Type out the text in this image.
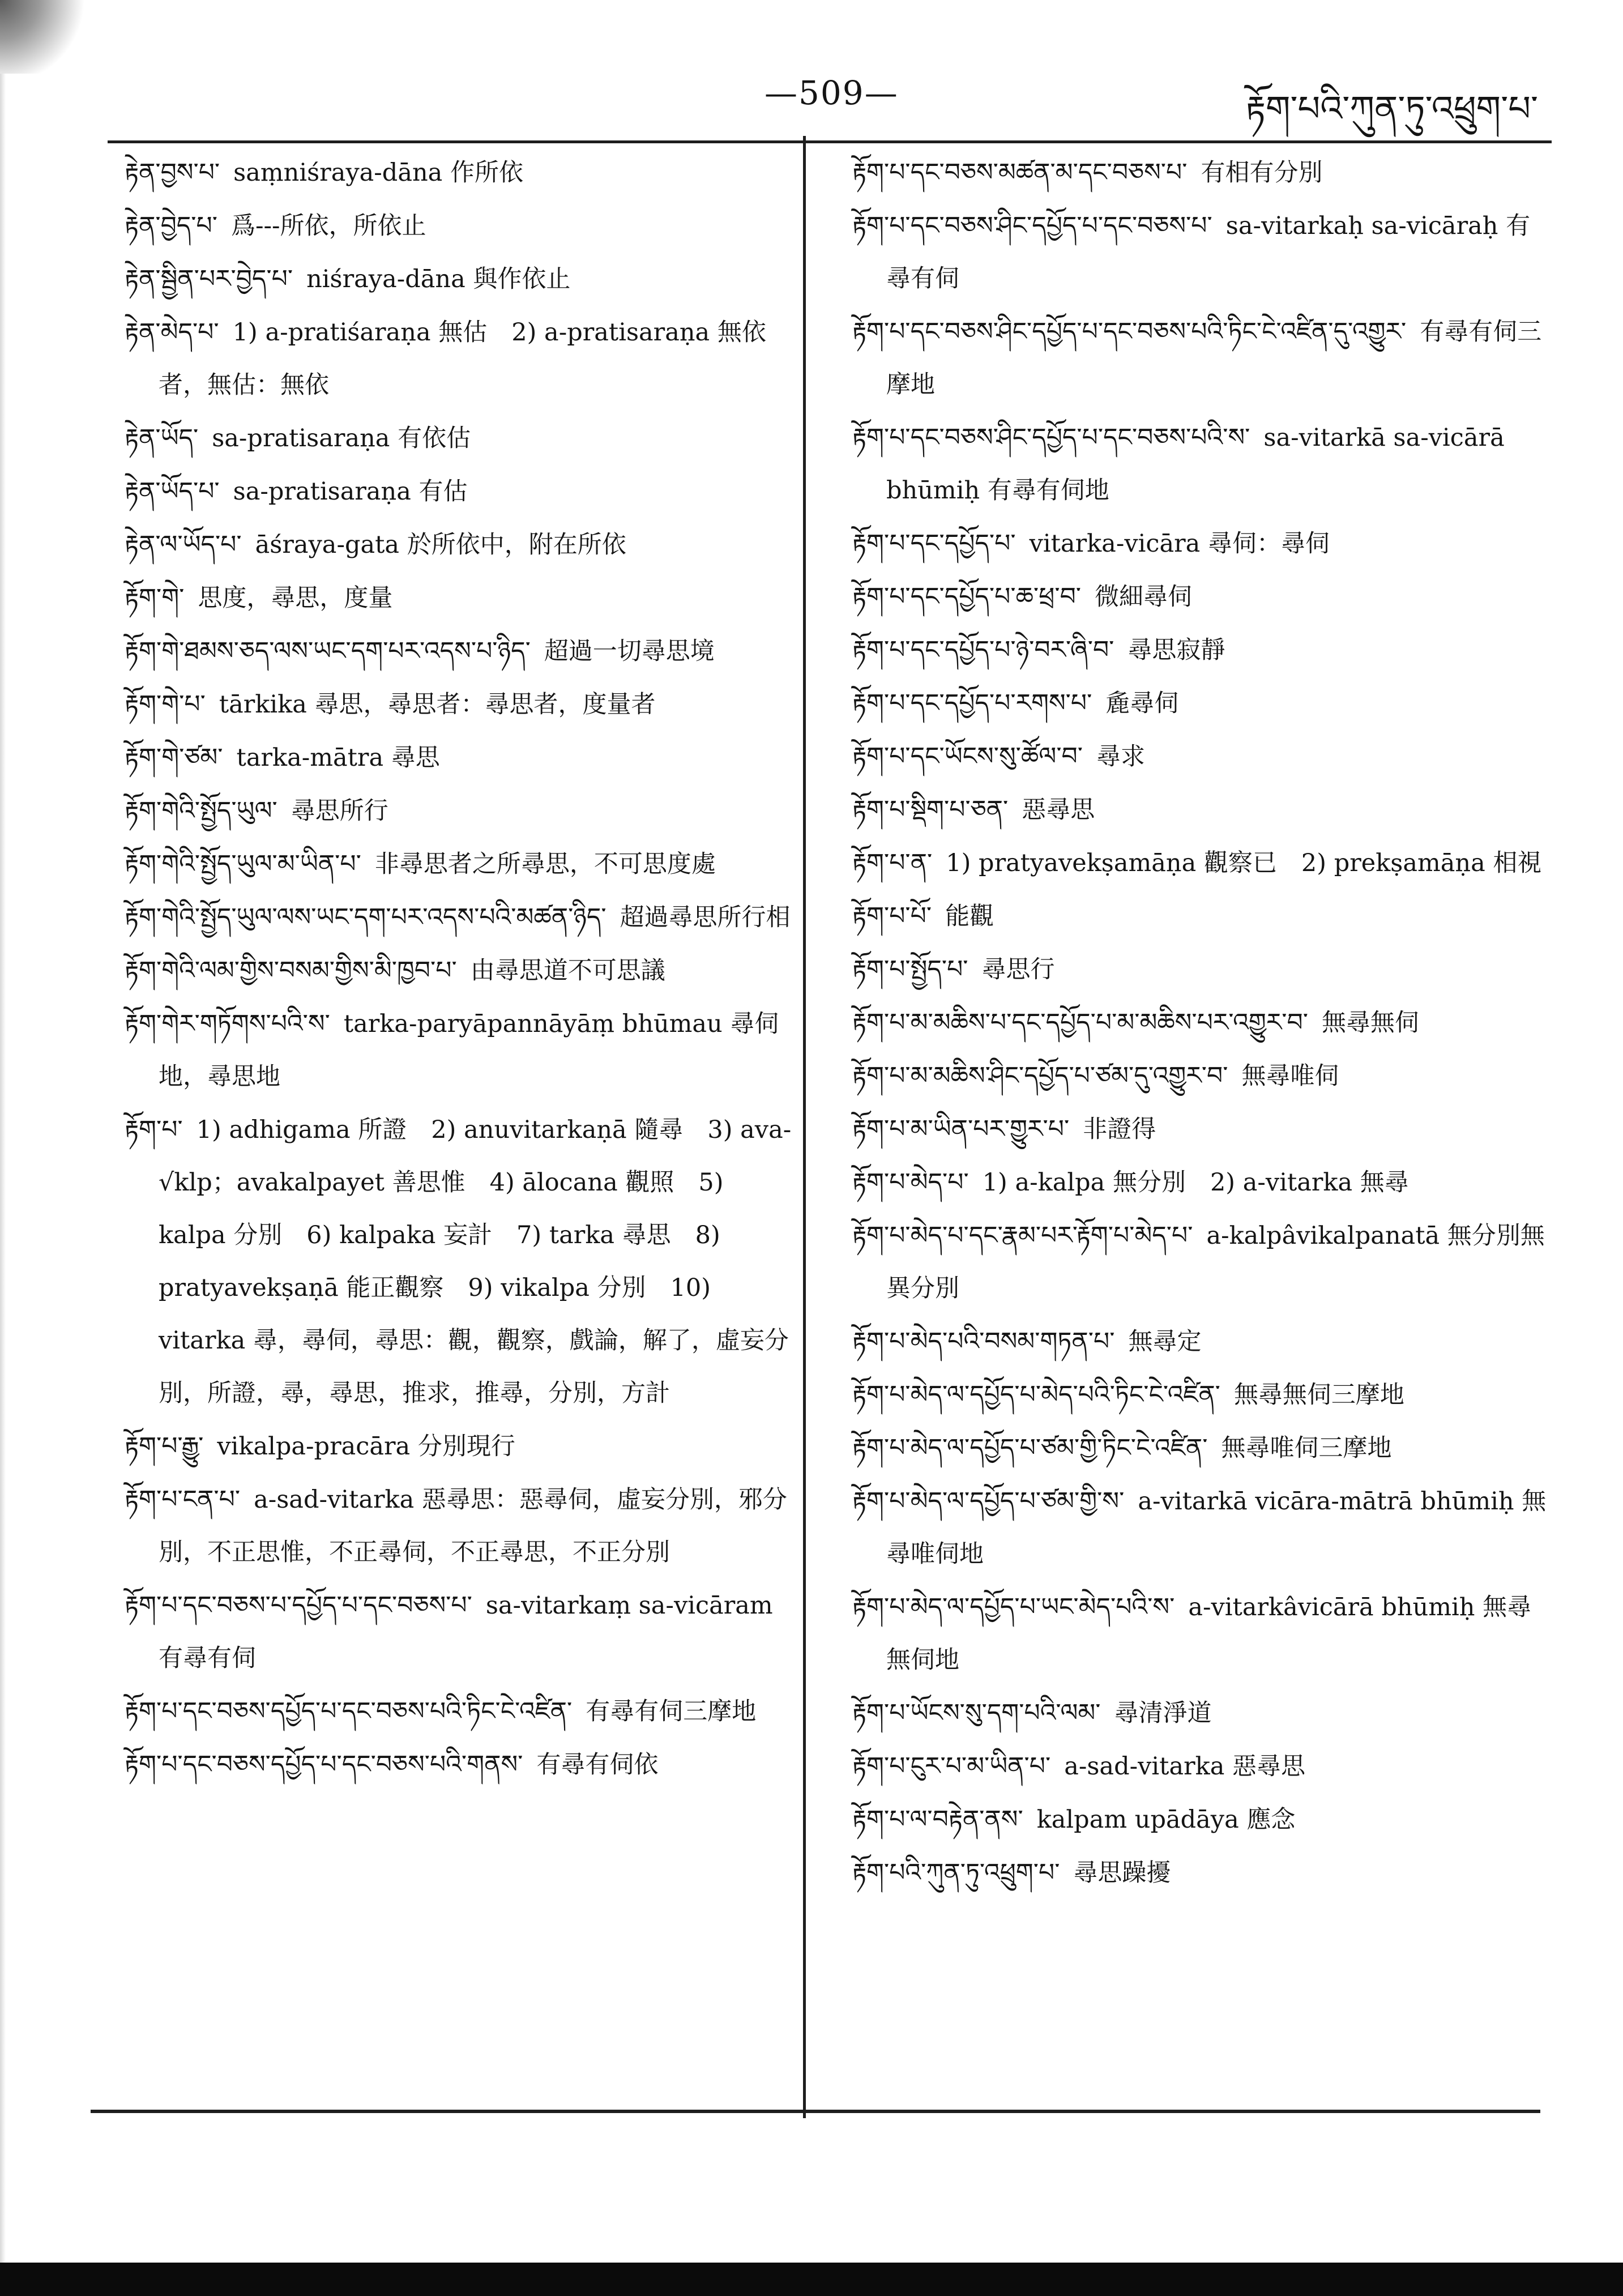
—509—	རྟོག་པའི་ཀུན་ཏུ་འཕྲུག་པ་
རྟེན་བྱས་པ་ saṃniśraya-dāna 作所依
རྟེན་བྱེད་པ་ 爲---所依，所依止
རྟེན་སྦྱིན་པར་བྱེད་པ་ niśraya-dāna 與作依止
རྟེན་མེད་པ་ 1) a-pratiśaraṇa 無估　2) a-pratisaraṇa 無依者，無估：無依
རྟེན་ཡོད་ sa-pratisaraṇa 有依估
རྟེན་ཡོད་པ་ sa-pratisaraṇa 有估
རྟེན་ལ་ཡོད་པ་ āśraya-gata 於所依中，附在所依
རྟོག་གེ་ 思度，尋思，度量
རྟོག་གེ་ཐམས་ཅད་ལས་ཡང་དག་པར་འདས་པ་ཉིད་ 超過一切尋思境
རྟོག་གེ་པ་ tārkika 尋思，尋思者：尋思者，度量者
རྟོག་གེ་ཙམ་ tarka-mātra 尋思
རྟོག་གེའི་སྤྱོད་ཡུལ་ 尋思所行
རྟོག་གེའི་སྤྱོད་ཡུལ་མ་ཡིན་པ་ 非尋思者之所尋思，不可思度處
རྟོག་གེའི་སྤྱོད་ཡུལ་ལས་ཡང་དག་པར་འདས་པའི་མཚན་ཉིད་ 超過尋思所行相
རྟོག་གེའི་ལམ་གྱིས་བསམ་གྱིས་མི་ཁྱབ་པ་ 由尋思道不可思議
རྟོག་གེར་གཏོགས་པའི་ས་ tarka-paryāpannāyāṃ bhūmau 尋伺地，尋思地
རྟོག་པ་ 1) adhigama 所證　2) anuvitarkaṇā 隨尋　3) ava-√klp；avakalpayet 善思惟　4) ālocana 觀照　5) kalpa 分別　6) kalpaka 妄計　7) tarka 尋思　8) pratyavekṣaṇā 能正觀察　9) vikalpa 分別　10) vitarka 尋，尋伺，尋思：觀，觀察，戲論，解了，虛妄分別，所證，尋，尋思，推求，推尋，分別，方計
རྟོག་པ་རྒྱུ་ vikalpa-pracāra 分別現行
རྟོག་པ་ངན་པ་ a-sad-vitarka 惡尋思：惡尋伺，虛妄分別，邪分別，不正思惟，不正尋伺，不正尋思，不正分別
རྟོག་པ་དང་བཅས་པ་དཔྱོད་པ་དང་བཅས་པ་ sa-vitarkaṃ sa-vicāram 有尋有伺
རྟོག་པ་དང་བཅས་དཔྱོད་པ་དང་བཅས་པའི་ཏིང་ངེ་འཛིན་ 有尋有伺三摩地
རྟོག་པ་དང་བཅས་དཔྱོད་པ་དང་བཅས་པའི་གནས་ 有尋有伺依
རྟོག་པ་དང་བཅས་མཚན་མ་དང་བཅས་པ་ 有相有分別
རྟོག་པ་དང་བཅས་ཤིང་དཔྱོད་པ་དང་བཅས་པ་ sa-vitarkaḥ sa-vicāraḥ 有尋有伺
རྟོག་པ་དང་བཅས་ཤིང་དཔྱོད་པ་དང་བཅས་པའི་ཏིང་ངེ་འཛིན་དུ་འགྱུར་ 有尋有伺三摩地
རྟོག་པ་དང་བཅས་ཤིང་དཔྱོད་པ་དང་བཅས་པའི་ས་ sa-vitarkā sa-vicārā bhūmiḥ 有尋有伺地
རྟོག་པ་དང་དཔྱོད་པ་ vitarka-vicāra 尋伺：尋伺
རྟོག་པ་དང་དཔྱོད་པ་ཆ་ཕྲ་བ་ 微細尋伺
རྟོག་པ་དང་དཔྱོད་པ་ཉེ་བར་ཞི་བ་ 尋思寂靜
རྟོག་པ་དང་དཔྱོད་པ་རགས་པ་ 麁尋伺
རྟོག་པ་དང་ཡོངས་སུ་ཚོལ་བ་ 尋求
རྟོག་པ་སྡིག་པ་ཅན་ 惡尋思
རྟོག་པ་ན་ 1) pratyavekṣamāṇa 觀察已　2) prekṣamāṇa 相視
རྟོག་པ་པོ་ 能觀
རྟོག་པ་སྤྱོད་པ་ 尋思行
རྟོག་པ་མ་མཆིས་པ་དང་དཔྱོད་པ་མ་མཆིས་པར་འགྱུར་བ་ 無尋無伺
རྟོག་པ་མ་མཆིས་ཤིང་དཔྱོད་པ་ཙམ་དུ་འགྱུར་བ་ 無尋唯伺
རྟོག་པ་མ་ཡིན་པར་གྱུར་པ་ 非證得
རྟོག་པ་མེད་པ་ 1) a-kalpa 無分別　2) a-vitarka 無尋
རྟོག་པ་མེད་པ་དང་རྣམ་པར་རྟོག་པ་མེད་པ་ a-kalpâvikalpanatā 無分別無異分別
རྟོག་པ་མེད་པའི་བསམ་གཏན་པ་ 無尋定
རྟོག་པ་མེད་ལ་དཔྱོད་པ་མེད་པའི་ཏིང་ངེ་འཛིན་ 無尋無伺三摩地
རྟོག་པ་མེད་ལ་དཔྱོད་པ་ཙམ་གྱི་ཏིང་ངེ་འཛིན་ 無尋唯伺三摩地
རྟོག་པ་མེད་ལ་དཔྱོད་པ་ཙམ་གྱི་ས་ a-vitarkā vicāra-mātrā bhūmiḥ 無尋唯伺地
རྟོག་པ་མེད་ལ་དཔྱོད་པ་ཡང་མེད་པའི་ས་ a-vitarkâvicārā bhūmiḥ 無尋無伺地
རྟོག་པ་ཡོངས་སུ་དག་པའི་ལམ་ 尋清淨道
རྟོག་པ་ངུར་པ་མ་ཡིན་པ་ a-sad-vitarka 惡尋思
རྟོག་པ་ལ་བརྟེན་ནས་ kalpam upādāya 應念
རྟོག་པའི་ཀུན་ཏུ་འཕྲུག་པ་ 尋思躁擾
